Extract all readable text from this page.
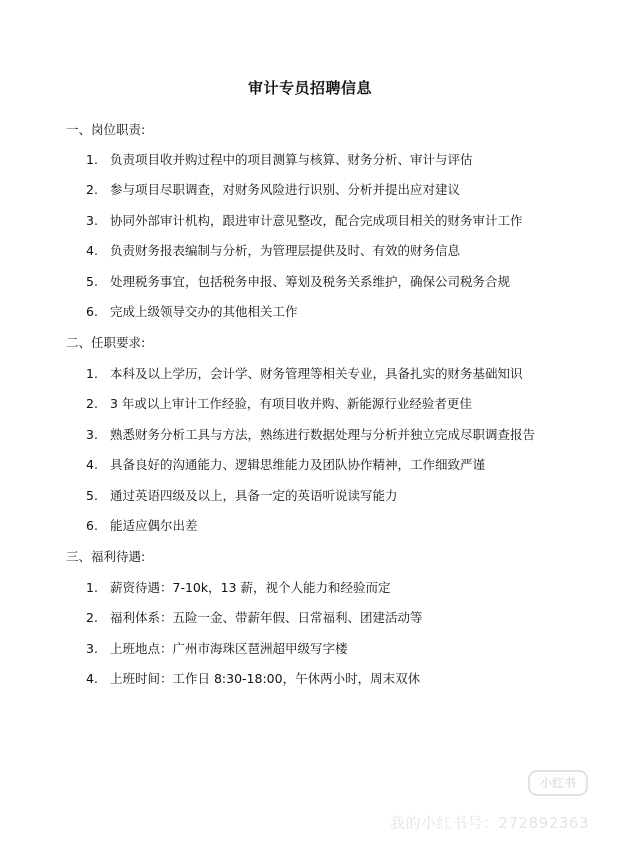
审计专员招聘信息
一、岗位职责:
1. 负责项目收并购过程中的项目测算与核算、财务分析、审计与评估
2. 参与项目尽职调查，对财务风险进行识别、分析并提出应对建议
3. 协同外部审计机构，跟进审计意见整改，配合完成项目相关的财务审计工作
4. 负责财务报表编制与分析，为管理层提供及时、有效的财务信息
5. 处理税务事宜，包括税务申报、筹划及税务关系维护，确保公司税务合规
6. 完成上级领导交办的其他相关工作
二、任职要求:
1. 本科及以上学历，会计学、财务管理等相关专业，具备扎实的财务基础知识
2. 3 年或以上审计工作经验，有项目收并购、新能源行业经验者更佳
3. 熟悉财务分析工具与方法，熟练进行数据处理与分析并独立完成尽职调查报告
4. 具备良好的沟通能力、逻辑思维能力及团队协作精神，工作细致严谨
5. 通过英语四级及以上，具备一定的英语听说读写能力
6. 能适应偶尔出差
三、福利待遇:
1. 薪资待遇：7-10k，13 薪，视个人能力和经验而定
2. 福利体系：五险一金、带薪年假、日常福利、团建活动等
3. 上班地点：广州市海珠区琶洲超甲级写字楼
4. 上班时间：工作日 8:30-18:00，午休两小时，周末双休
小红书
我的小红书号：272892363
